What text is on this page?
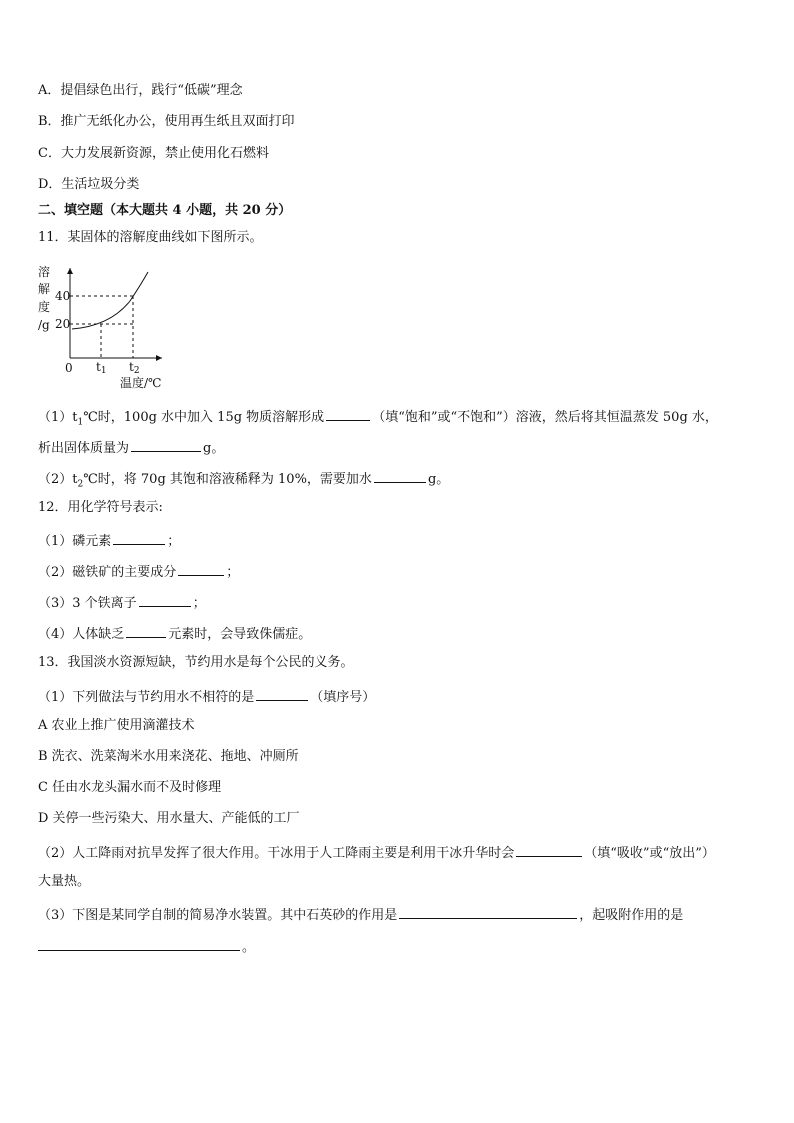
A．提倡绿色出行，践行“低碳”理念
B．推广无纸化办公，使用再生纸且双面打印
C．大力发展新资源，禁止使用化石燃料
D．生活垃圾分类
二、填空题（本大题共 4 小题，共 20 分）
11．某固体的溶解度曲线如下图所示。
溶
解
度
/g
40
20
0 t1 t2
温度/℃
$(1)t_1℃$时，100g 水中加入 15g 物质溶解形成	（填“饱和”或“不饱和”）溶液，然后将其恒温蒸发 50g 水，
析出固体质量为	g。
$(2)t_2℃$时，将 70g 其饱和溶液稀释为 10%，需要加水	g。
12．用化学符号表示:
（1）磷元素	；
（2）磁铁矿的主要成分	；
（3）3 个铁离子	；
（4）人体缺乏	元素时，会导致侏儒症。
13．我国淡水资源短缺，节约用水是每个公民的义务。
（1）下列做法与节约用水不相符的是	（填序号）
A 农业上推广使用滴灌技术
B 洗衣、洗菜淘米水用来浇花、拖地、冲厕所
C 任由水龙头漏水而不及时修理
D 关停一些污染大、用水量大、产能低的工厂
（2）人工降雨对抗旱发挥了很大作用。干冰用于人工降雨主要是利用干冰升华时会	（填“吸收”或“放出”）
大量热。
（3）下图是某同学自制的简易净水装置。其中石英砂的作用是	，起吸附作用的是
。
